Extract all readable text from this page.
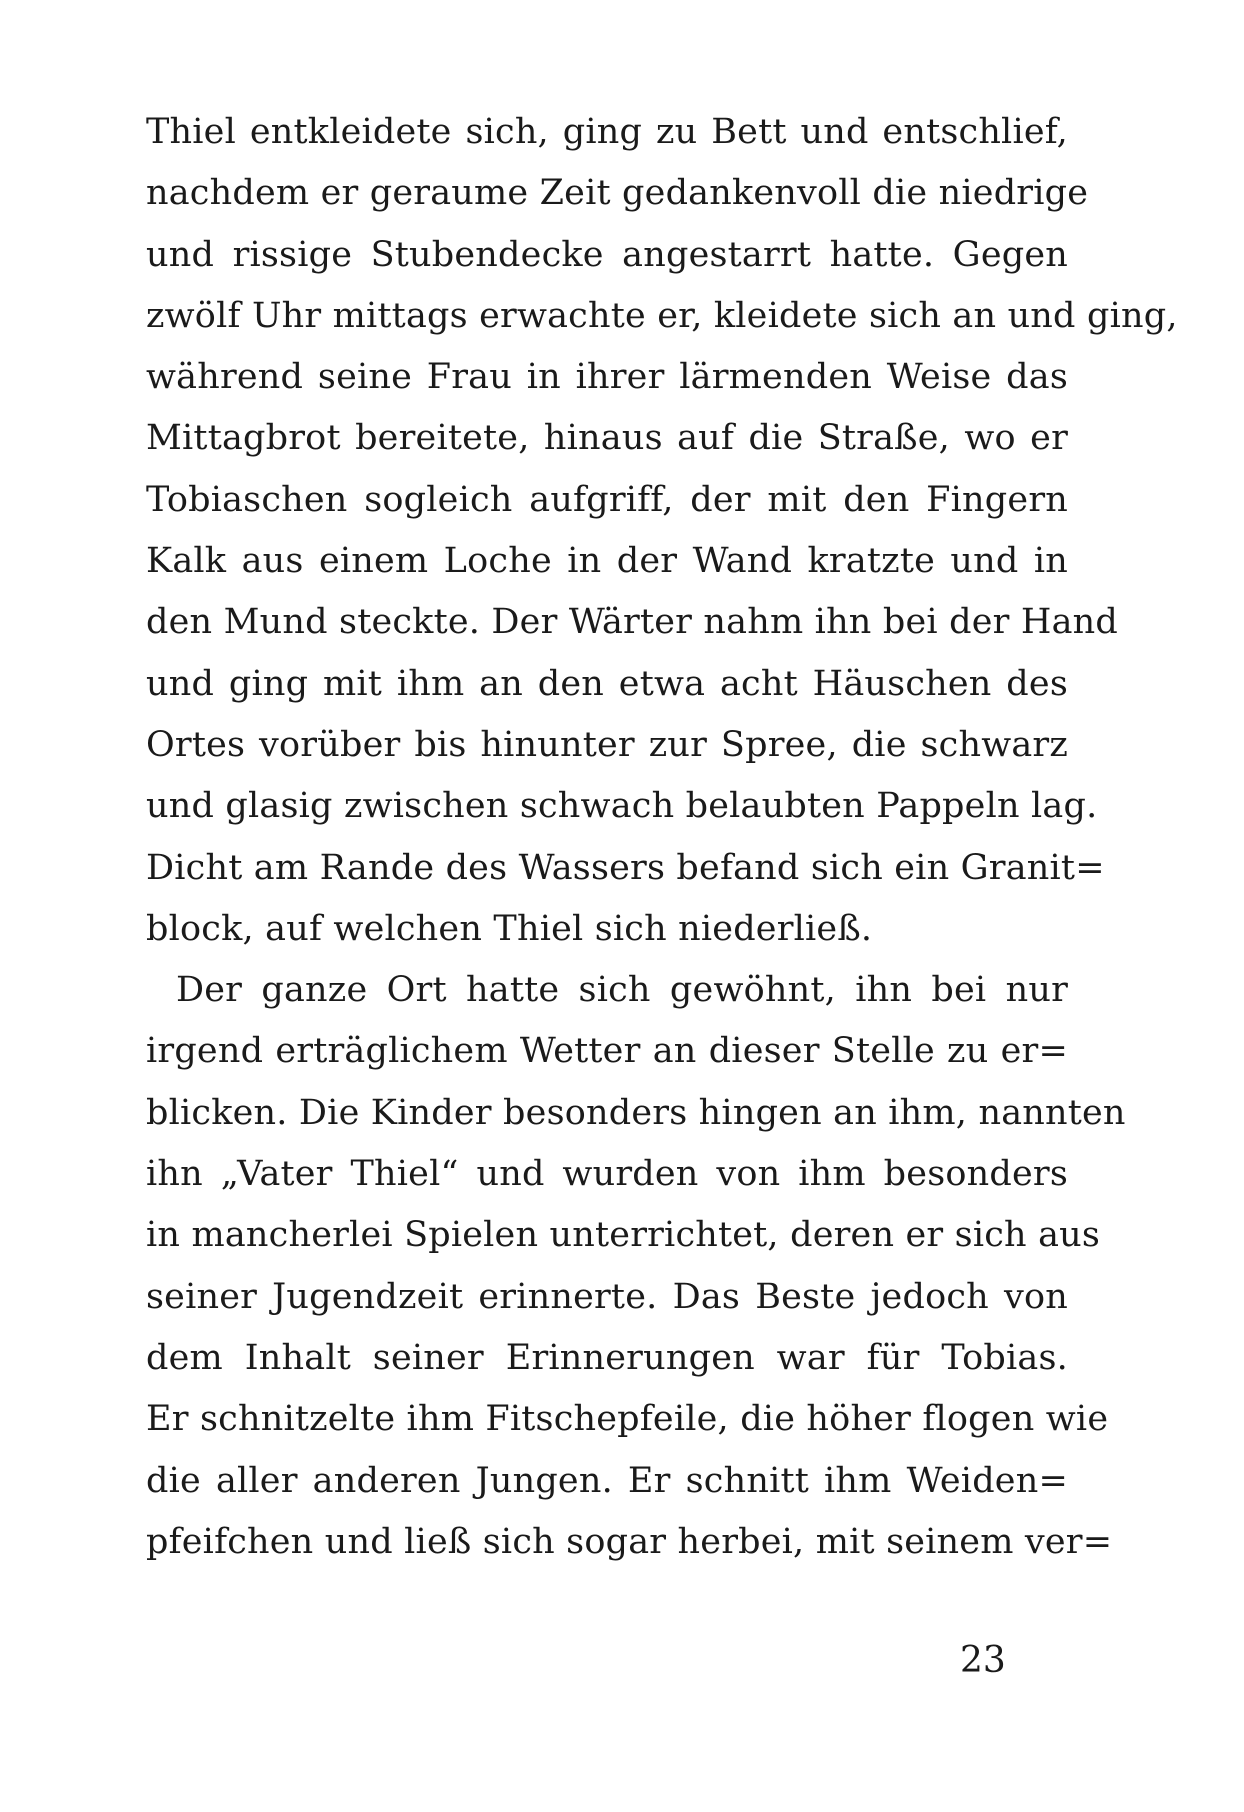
Thiel entkleidete sich, ging zu Bett und entschlief,
nachdem er geraume Zeit gedankenvoll die niedrige
und rissige Stubendecke angestarrt hatte. Gegen
zwölf Uhr mittags erwachte er, kleidete sich an und ging,
während seine Frau in ihrer lärmenden Weise das
Mittagbrot bereitete, hinaus auf die Straße, wo er
Tobiaschen sogleich aufgriff, der mit den Fingern
Kalk aus einem Loche in der Wand kratzte und in
den Mund steckte. Der Wärter nahm ihn bei der Hand
und ging mit ihm an den etwa acht Häuschen des
Ortes vorüber bis hinunter zur Spree, die schwarz
und glasig zwischen schwach belaubten Pappeln lag.
Dicht am Rande des Wassers befand sich ein Granit=
block, auf welchen Thiel sich niederließ.
Der ganze Ort hatte sich gewöhnt, ihn bei nur
irgend erträglichem Wetter an dieser Stelle zu er=
blicken. Die Kinder besonders hingen an ihm, nannten
ihn „Vater Thiel“ und wurden von ihm besonders
in mancherlei Spielen unterrichtet, deren er sich aus
seiner Jugendzeit erinnerte. Das Beste jedoch von
dem Inhalt seiner Erinnerungen war für Tobias.
Er schnitzelte ihm Fitschepfeile, die höher flogen wie
die aller anderen Jungen. Er schnitt ihm Weiden=
pfeifchen und ließ sich sogar herbei, mit seinem ver=
23
